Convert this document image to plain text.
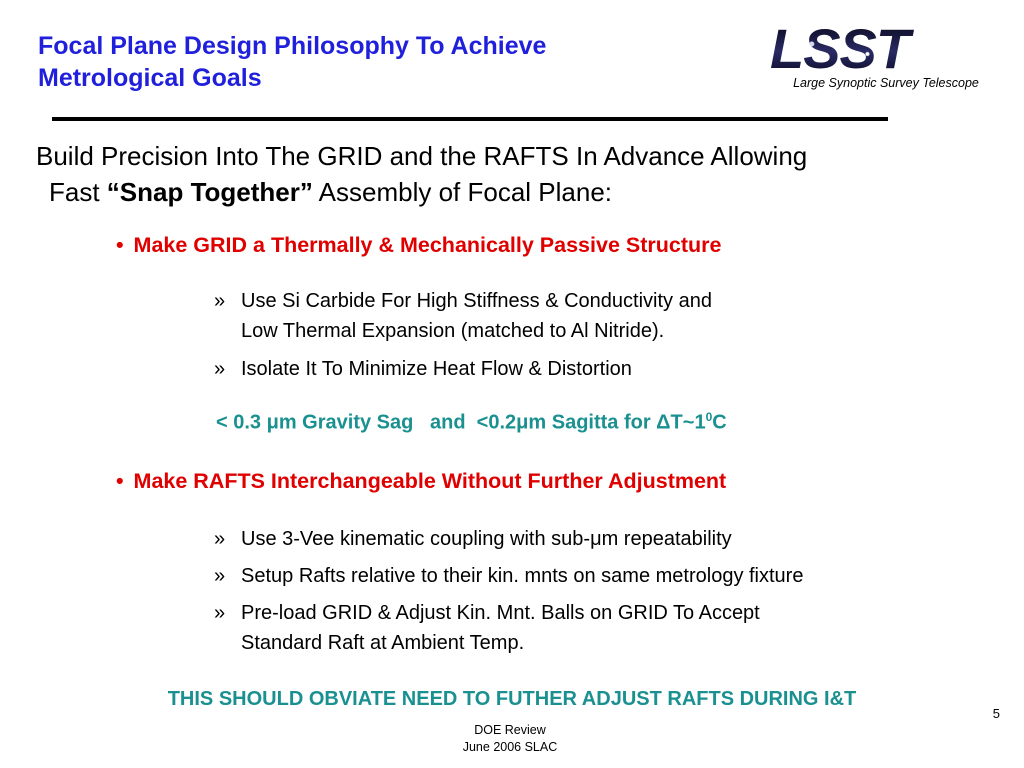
Focal Plane Design Philosophy To Achieve
Metrological Goals	LSST
Large Synoptic Survey Telescope
Build Precision Into The GRID and the RAFTS In Advance Allowing
Fast “Snap Together” Assembly of Focal Plane:
• Make GRID a Thermally & Mechanically Passive Structure
» Use Si Carbide For High Stiffness & Conductivity and
Low Thermal Expansion (matched to Al Nitride).
» Isolate It To Minimize Heat Flow & Distortion
< 0.3 μm Gravity Sag   and  <0.2μm Sagitta for $\Delta T\sim 1^0C$
• Make RAFTS Interchangeable Without Further Adjustment
» Use 3-Vee kinematic coupling with sub-μm repeatability
» Setup Rafts relative to their kin. mnts on same metrology fixture
» Pre-load GRID & Adjust Kin. Mnt. Balls on GRID To Accept
Standard Raft at Ambient Temp.
THIS SHOULD OBVIATE NEED TO FUTHER ADJUST RAFTS DURING I&T
5
DOE Review
June 2006 SLAC
